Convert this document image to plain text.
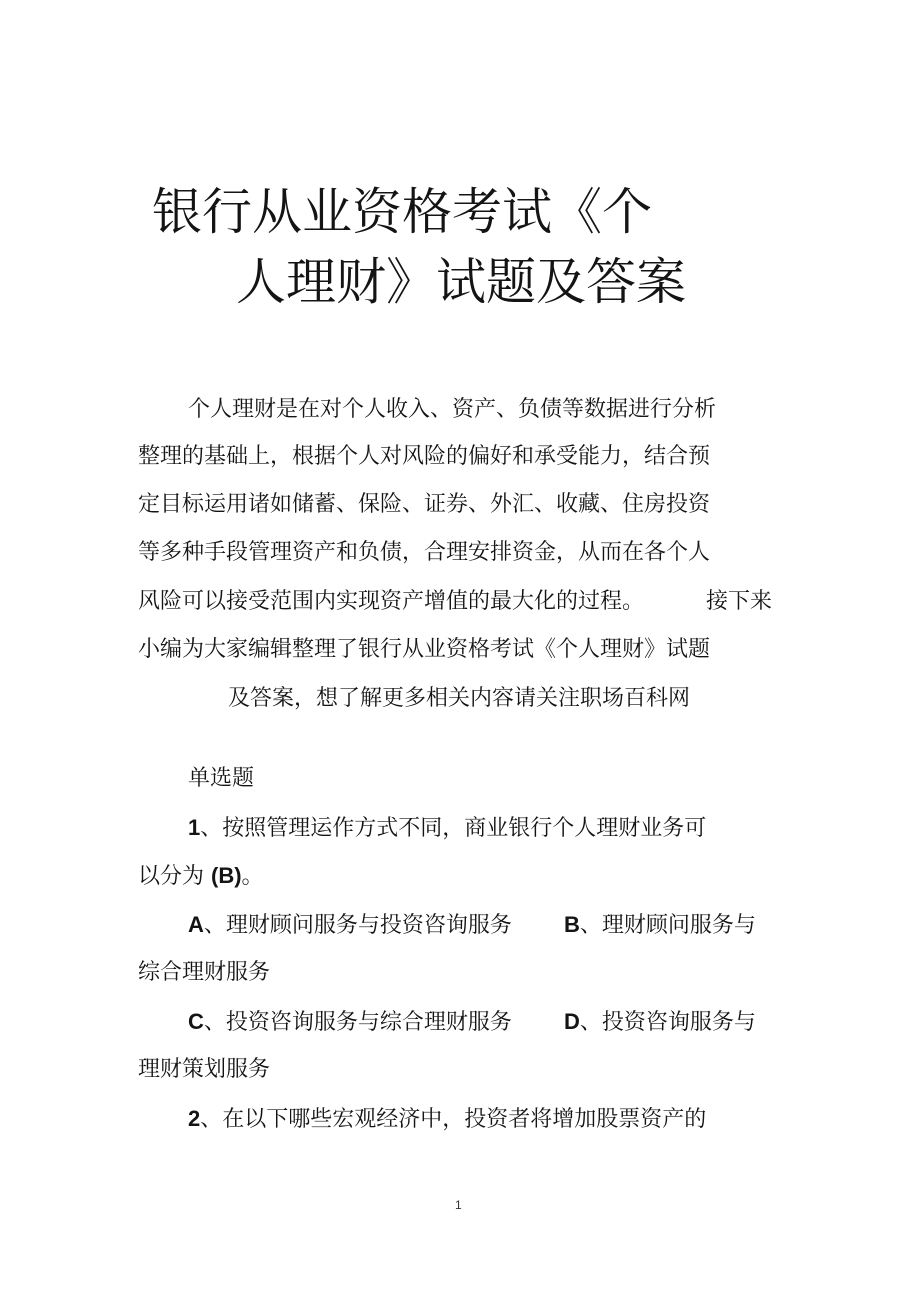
银行从业资格考试《个
人理财》试题及答案
个人理财是在对个人收入、资产、负债等数据进行分析
整理的基础上，根据个人对风险的偏好和承受能力，结合预
定目标运用诸如储蓄、保险、证券、外汇、收藏、住房投资
等多种手段管理资产和负债，合理安排资金，从而在各个人
风险可以接受范围内实现资产增值的最大化的过程。	接下来
小编为大家编辑整理了银行从业资格考试《个人理财》试题
及答案，想了解更多相关内容请关注职场百科网
单选题
1、按照管理运作方式不同，商业银行个人理财业务可
以分为 (B)。
A、理财顾问服务与投资咨询服务 B、理财顾问服务与
综合理财服务
C、投资咨询服务与综合理财服务 D、投资咨询服务与
理财策划服务
2、在以下哪些宏观经济中，投资者将增加股票资产的
1
